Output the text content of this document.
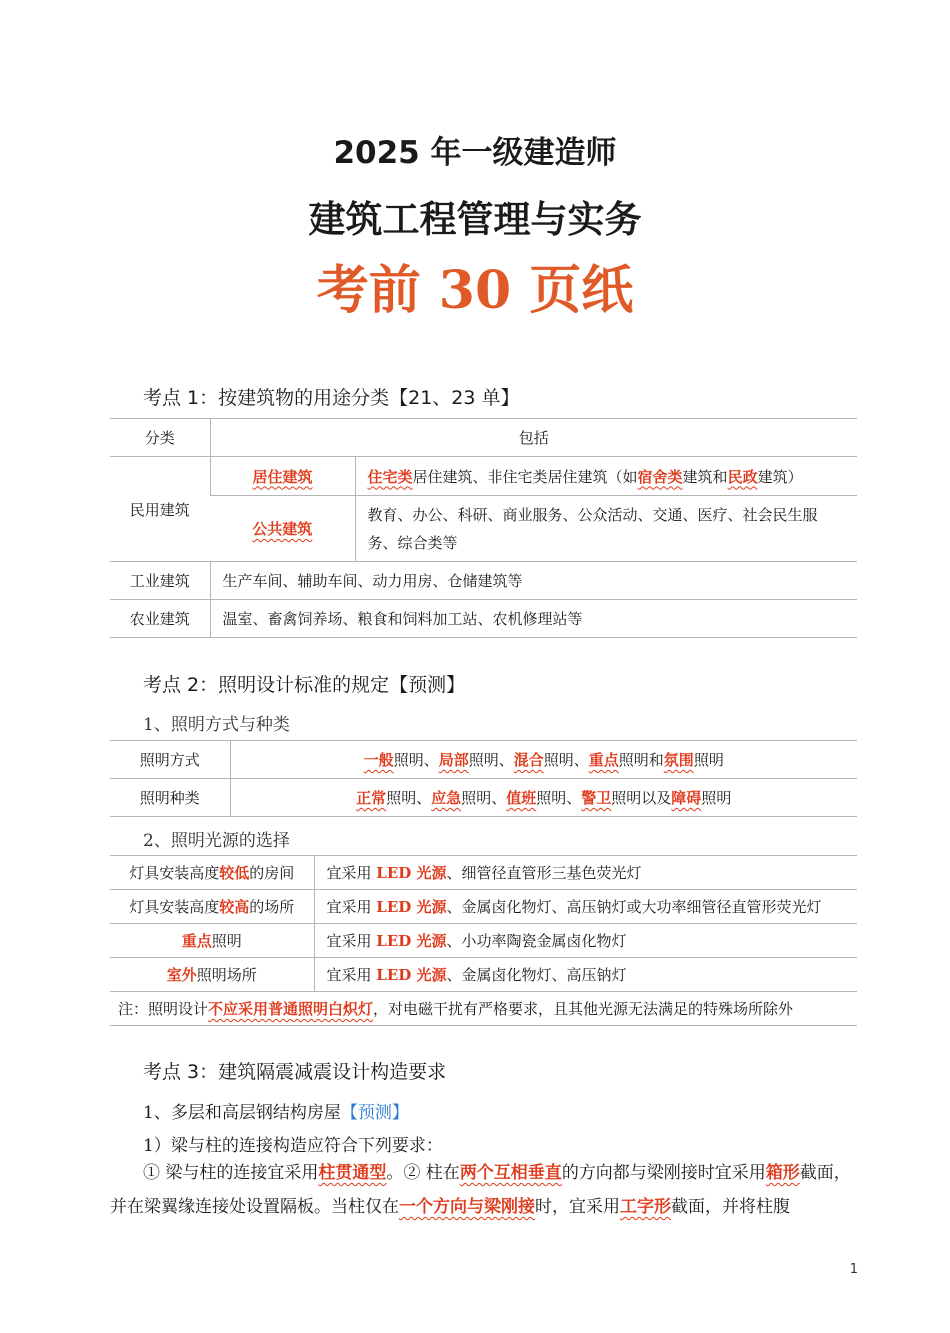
2025 年一级建造师
建筑工程管理与实务
考前 30 页纸
考点 1：按建筑物的用途分类【21、23 单】
分类	包括	
民用建筑	居住建筑	住宅类居住建筑、非住宅类居住建筑（如宿舍类建筑和民政建筑）
	公共建筑	教育、办公、科研、商业服务、公众活动、交通、医疗、社会民生服务、综合类等
工业建筑	生产车间、辅助车间、动力用房、仓储建筑等	
农业建筑	温室、畜禽饲养场、粮食和饲料加工站、农机修理站等	
考点 2：照明设计标准的规定【预测】
1、照明方式与种类
照明方式	一般照明、局部照明、混合照明、重点照明和氛围照明
照明种类	正常照明、应急照明、值班照明、警卫照明以及障碍照明
2、照明光源的选择
灯具安装高度较低的房间	宜采用 LED 光源、细管径直管形三基色荧光灯
灯具安装高度较高的场所	宜采用 LED 光源、金属卤化物灯、高压钠灯或大功率细管径直管形荧光灯
重点照明	宜采用 LED 光源、小功率陶瓷金属卤化物灯
室外照明场所	宜采用 LED 光源、金属卤化物灯、高压钠灯
注：照明设计不应采用普通照明白炽灯，对电磁干扰有严格要求，且其他光源无法满足的特殊场所除外	
考点 3：建筑隔震减震设计构造要求
1、多层和高层钢结构房屋【预测】
1）梁与柱的连接构造应符合下列要求：
① 梁与柱的连接宜采用柱贯通型。② 柱在两个互相垂直的方向都与梁刚接时宜采用箱形截面，并在梁翼缘连接处设置隔板。当柱仅在一个方向与梁刚接时，宜采用工字形截面，并将柱腹
1
